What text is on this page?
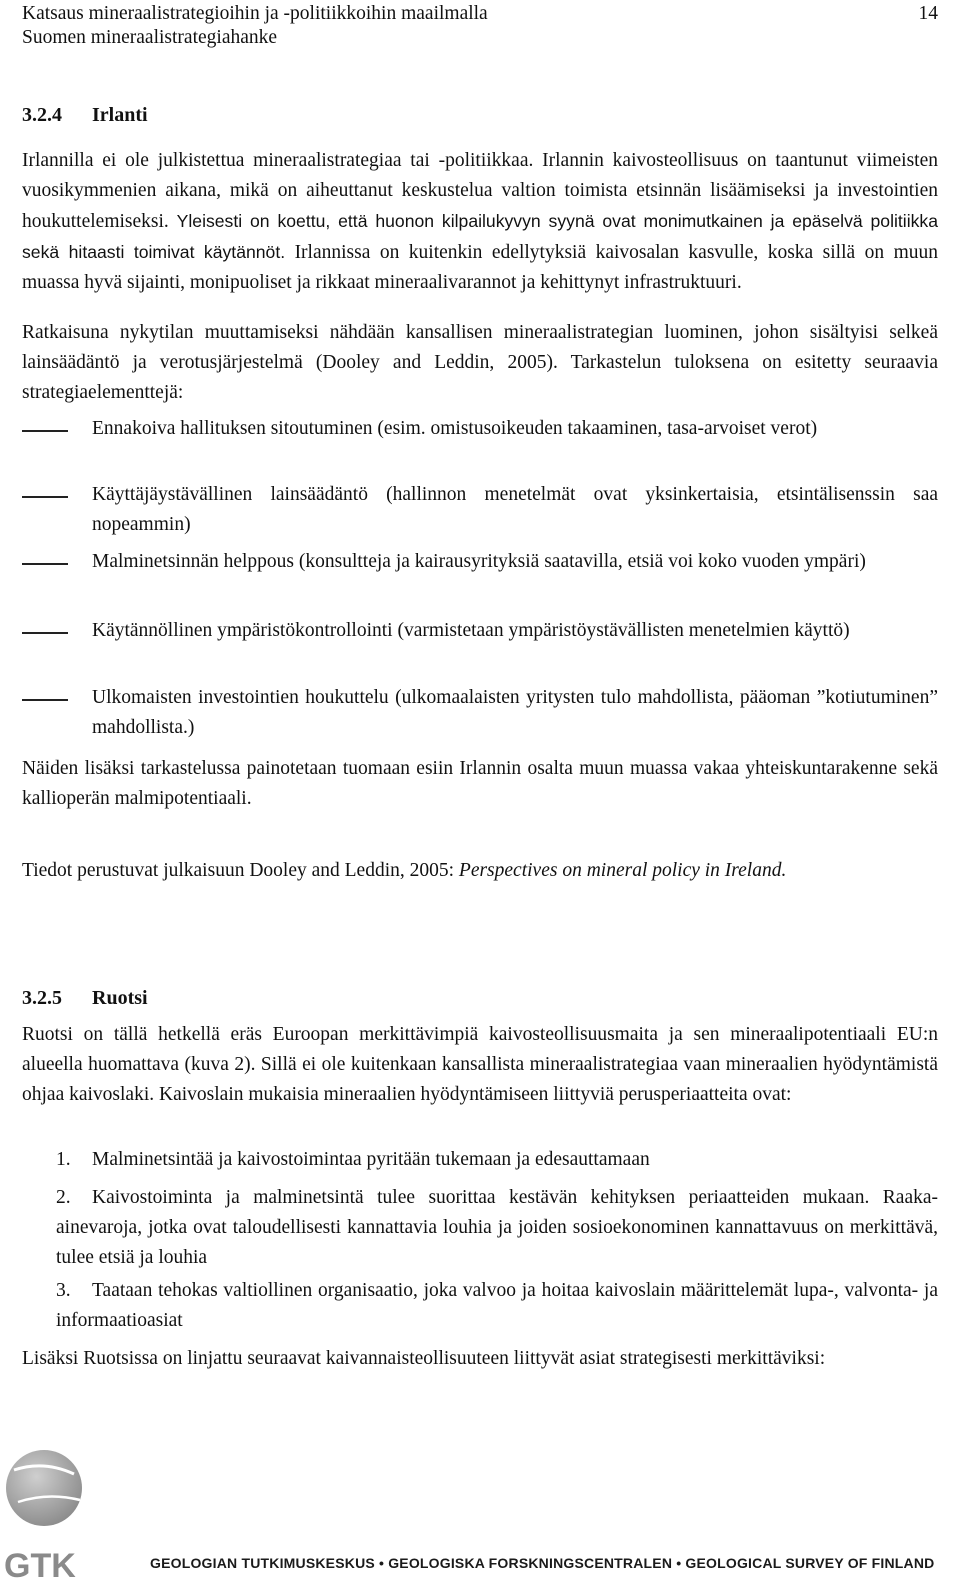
Katsaus mineraalistrategioihin ja -politiikkoihin maailmalla
Suomen mineraalistrategiahanke
14
3.2.4 Irlanti
Irlannilla ei ole julkistettua mineraalistrategiaa tai -politiikkaa. Irlannin kaivosteollisuus on taantunut viimeisten vuosikymmenien aikana, mikä on aiheuttanut keskustelua valtion toimista etsinnän lisäämiseksi ja investointien houkuttelemiseksi. Yleisesti on koettu, että huonon kilpailukyvyn syynä ovat monimutkainen ja epäselvä politiikka sekä hitaasti toimivat käytännöt. Irlannissa on kuitenkin edellytyksiä kaivosalan kasvulle, koska sillä on muun muassa hyvä sijainti, monipuoliset ja rikkaat mineraalivarannot ja kehittynyt infrastruktuuri.
Ratkaisuna nykytilan muuttamiseksi nähdään kansallisen mineraalistrategian luominen, johon sisältyisi selkeä lainsäädäntö ja verotusjärjestelmä (Dooley and Leddin, 2005). Tarkastelun tuloksena on esitetty seuraavia strategiaelementtejä:
Ennakoiva hallituksen sitoutuminen (esim. omistusoikeuden takaaminen, tasa-arvoiset verot)
Käyttäjäystävällinen lainsäädäntö (hallinnon menetelmät ovat yksinkertaisia, etsintälisenssin saa nopeammin)
Malminetsinnän helppous (konsultteja ja kairausyrityksiä saatavilla, etsiä voi koko vuoden ympäri)
Käytännöllinen ympäristökontrollointi (varmistetaan ympäristöystävällisten menetelmien käyttö)
Ulkomaisten investointien houkuttelu (ulkomaalaisten yritysten tulo mahdollista, pääoman ”kotiutuminen” mahdollista.)
Näiden lisäksi tarkastelussa painotetaan tuomaan esiin Irlannin osalta muun muassa vakaa yhteiskuntarakenne sekä kallioperän malmipotentiaali.
Tiedot perustuvat julkaisuun Dooley and Leddin, 2005: Perspectives on mineral policy in Ireland.
3.2.5 Ruotsi
Ruotsi on tällä hetkellä eräs Euroopan merkittävimpiä kaivosteollisuusmaita ja sen mineraalipotentiaali EU:n alueella huomattava (kuva 2). Sillä ei ole kuitenkaan kansallista mineraalistrategiaa vaan mineraalien hyödyntämistä ohjaa kaivoslaki. Kaivoslain mukaisia mineraalien hyödyntämiseen liittyviä perusperiaatteita ovat:
1. Malminetsintää ja kaivostoimintaa pyritään tukemaan ja edesauttamaan
2.	Kaivostoiminta ja malminetsintä tulee suorittaa kestävän kehityksen periaatteiden mukaan. Raaka-ainevaroja, jotka ovat taloudellisesti kannattavia louhia ja joiden sosioekonominen kannattavuus on merkittävä, tulee etsiä ja louhia
3.	Taataan tehokas valtiollinen organisaatio, joka valvoo ja hoitaa kaivoslain määrittelemät lupa-, valvonta- ja informaatioasiat
Lisäksi Ruotsissa on linjattu seuraavat kaivannaisteollisuuteen liittyvät asiat strategisesti merkittäviksi:
GTK	GEOLOGIAN TUTKIMUSKESKUS • GEOLOGISKA FORSKNINGSCENTRALEN • GEOLOGICAL SURVEY OF FINLAND
